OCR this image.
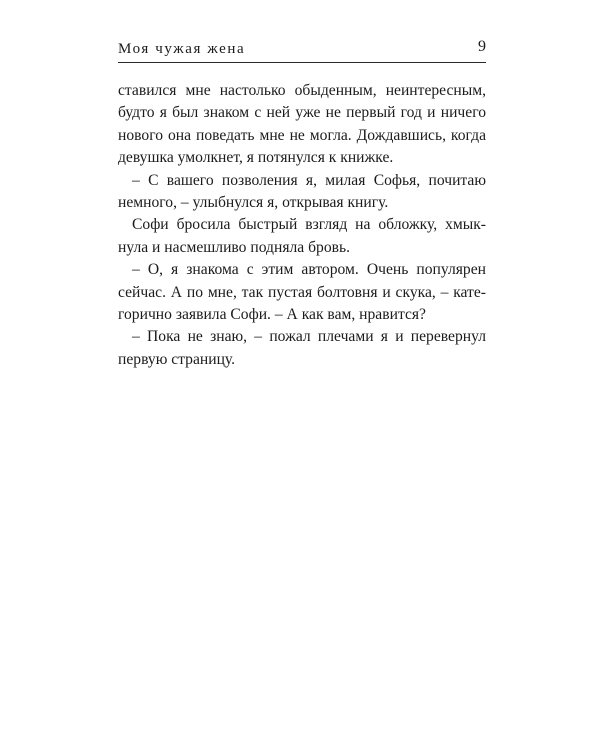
Моя чужая жена	9
ставился мне настолько обыденным, неинтересным,
будто я был знаком с ней уже не первый год и ничего
нового она поведать мне не могла. Дождавшись, когда
девушка умолкнет, я потянулся к книжке.
– С вашего позволения я, милая Софья, почитаю
немного, – улыбнулся я, открывая книгу.
Софи бросила быстрый взгляд на обложку, хмык-
нула и насмешливо подняла бровь.
– О, я знакома с этим автором. Очень популярен
сейчас. А по мне, так пустая болтовня и скука, – кате-
горично заявила Софи. – А как вам, нравится?
– Пока не знаю, – пожал плечами я и перевернул
первую страницу.
